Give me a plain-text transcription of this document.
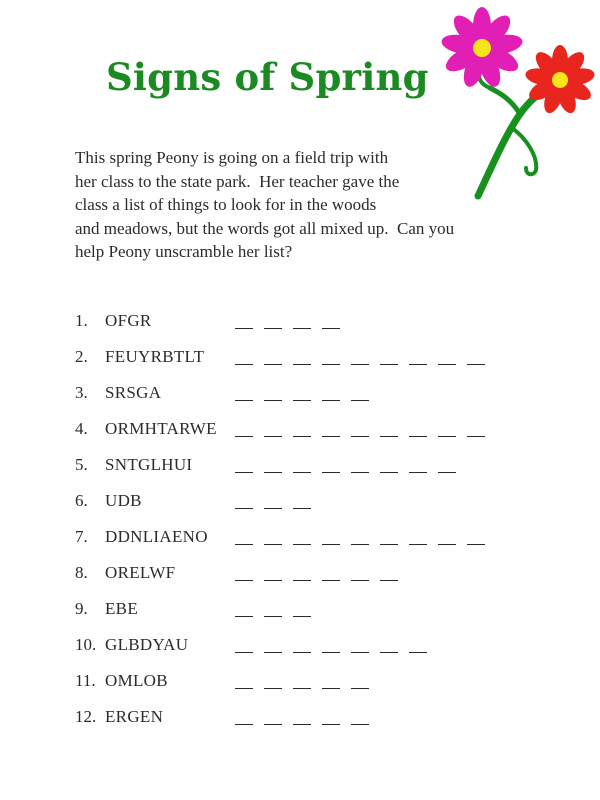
Signs of Spring
This spring Peony is going on a field trip with
her class to the state park.  Her teacher gave the
class a list of things to look for in the woods
and meadows, but the words got all mixed up.  Can you
help Peony unscramble her list?
1. OFGR
2. FEUYRBTLT
3. SRSGA
4. ORMHTARWE
5. SNTGLHUI
6. UDB
7. DDNLIAENO
8. ORELWF
9. EBE
10. GLBDYAU
11. OMLOB
12. ERGEN
